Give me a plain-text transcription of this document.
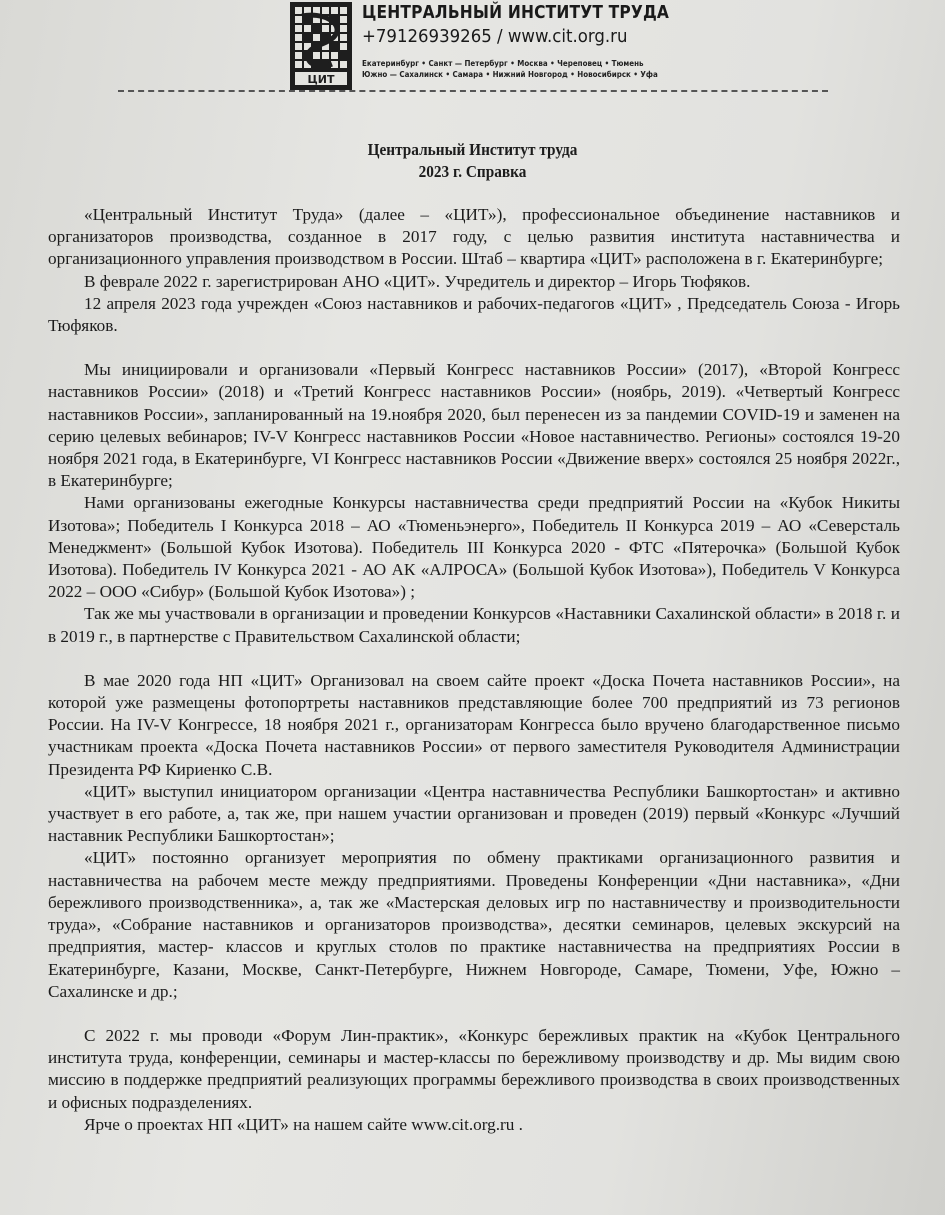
ЦИТ
ЦЕНТРАЛЬНЫЙ ИНСТИТУТ ТРУДА
+79126939265 / www.cit.org.ru
Екатеринбург • Санкт — Петербург • Москва • Череповец • Тюмень
Южно — Сахалинск • Самара • Нижний Новгород • Новосибирск • Уфа
Центральный Институт труда
2023 г. Справка

«Центральный Институт Труда» (далее – «ЦИТ»), профессиональное объединение наставников и организаторов производства, созданное в 2017 году, с целью развития института наставничества и организационного управления производством в России. Штаб – квартира «ЦИТ» расположена в г. Екатеринбурге;

В феврале 2022 г. зарегистрирован АНО «ЦИТ». Учредитель и директор – Игорь Тюфяков.

12 апреля 2023 года учрежден «Союз наставников и рабочих-педагогов «ЦИТ» , Председатель Союза - Игорь Тюфяков.

Мы инициировали и организовали «Первый Конгресс наставников России» (2017), «Второй Конгресс наставников России» (2018) и «Третий Конгресс наставников России» (ноябрь, 2019). «Четвертый Конгресс наставников России», запланированный на 19.ноября 2020, был перенесен из за пандемии COVID-19 и заменен на серию целевых вебинаров; IV-V Конгресс наставников России «Новое наставничество. Регионы» состоялся 19-20 ноября 2021 года, в Екатеринбурге, VI Конгресс наставников России «Движение вверх» состоялся 25 ноября 2022г., в Екатеринбурге;

Нами организованы ежегодные Конкурсы наставничества среди предприятий России на «Кубок Никиты Изотова»; Победитель I Конкурса 2018 – АО «Тюменьэнерго», Победитель II Конкурса 2019 – АО «Северсталь Менеджмент» (Большой Кубок Изотова). Победитель III Конкурса 2020 - ФТС «Пятерочка» (Большой Кубок Изотова). Победитель IV Конкурса 2021 - АО АК «АЛРОСА» (Большой Кубок Изотова»), Победитель V Конкурса 2022 – ООО «Сибур» (Большой Кубок Изотова») ;

Так же мы участвовали в организации и проведении Конкурсов «Наставники Сахалинской области» в 2018 г. и в 2019 г., в партнерстве с Правительством Сахалинской области;

В мае 2020 года НП «ЦИТ» Организовал на своем сайте проект «Доска Почета наставников России», на которой уже размещены фотопортреты наставников представляющие более 700 предприятий из 73 регионов России. На IV-V Конгрессе, 18 ноября 2021 г., организаторам Конгресса было вручено благодарственное письмо участникам проекта «Доска Почета наставников России» от первого заместителя Руководителя Администрации Президента РФ Кириенко С.В.

«ЦИТ» выступил инициатором организации «Центра наставничества Республики Башкортостан» и активно участвует в его работе, а, так же, при нашем участии организован и проведен (2019) первый «Конкурс «Лучший наставник Республики Башкортостан»;

«ЦИТ» постоянно организует мероприятия по обмену практиками организационного развития и наставничества на рабочем месте между предприятиями. Проведены Конференции «Дни наставника», «Дни бережливого производственника», а, так же «Мастерская деловых игр по наставничеству и производительности труда», «Собрание наставников и организаторов производства», десятки семинаров, целевых экскурсий на предприятия, мастер- классов и круглых столов по практике наставничества на предприятиях России в Екатеринбурге, Казани, Москве, Санкт-Петербурге, Нижнем Новгороде, Самаре, Тюмени, Уфе, Южно – Сахалинске и др.;

С 2022 г. мы проводи «Форум Лин-практик», «Конкурс бережливых практик на «Кубок Центрального института труда, конференции, семинары и мастер-классы по бережливому производству и др. Мы видим свою миссию в поддержке предприятий реализующих программы бережливого производства в своих производственных и офисных подразделениях.

Ярче о проектах НП «ЦИТ» на нашем сайте www.cit.org.ru .
